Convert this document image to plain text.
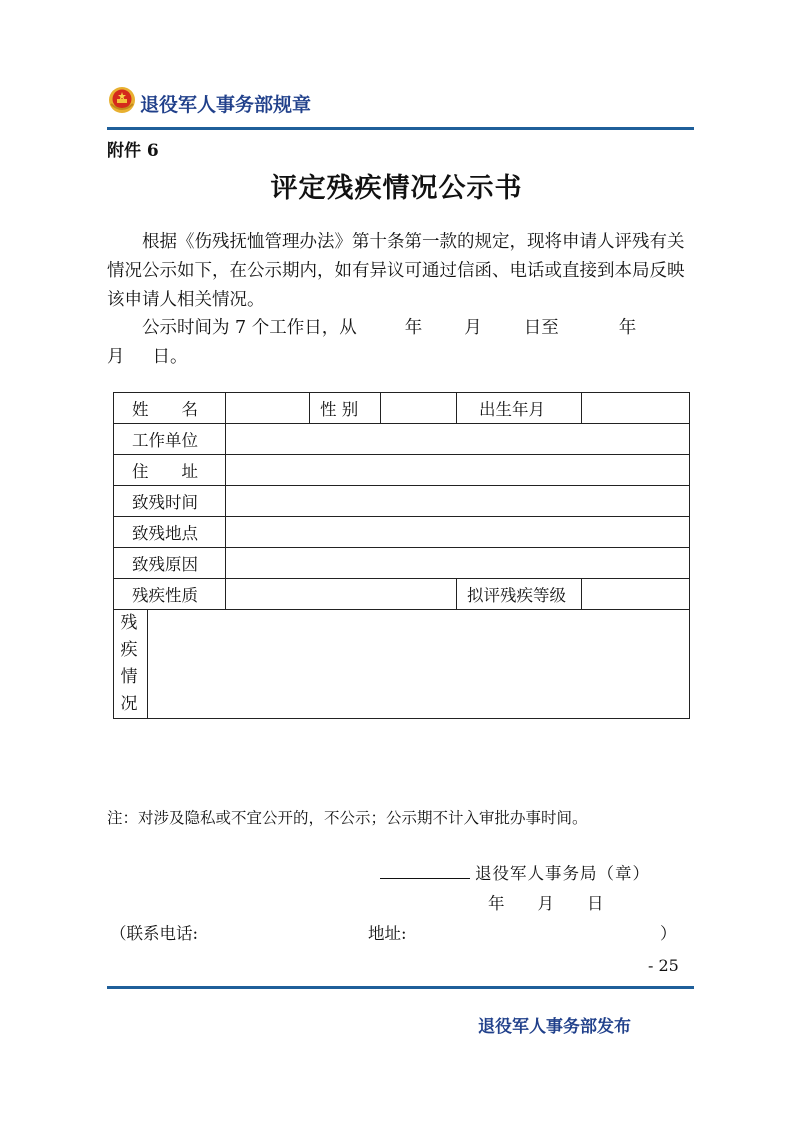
退役军人事务部规章
附件 6
评定残疾情况公示书
根据《伤残抚恤管理办法》第十条第一款的规定，现将申请人评残有关情况公示如下，在公示期内，如有异议可通过信函、电话或直接到本局反映该申请人相关情况。
公示时间为 7 个工作日，从	年 月 日至	年
月 日。
姓　　名			性 别		出生年月	
工作单位						
住　　址						
致残时间						
致残地点						
致残原因						
残疾性质					拟评残疾等级	

残疾情况						

注：对涉及隐私或不宜公开的，不公示；公示期不计入审批办事时间。
退役军人事务局（章）
年　　月　　日
（联系电话:	地址:	）
- 25
退役军人事务部发布
